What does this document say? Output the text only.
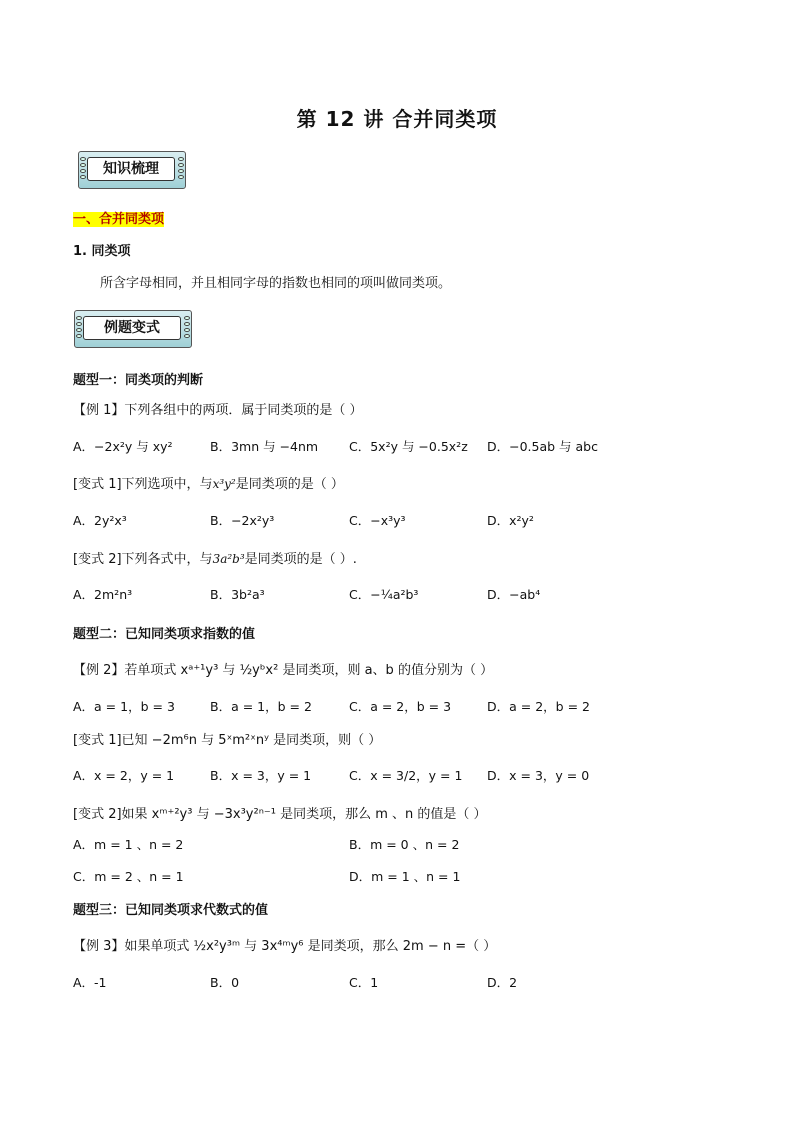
第 12 讲 合并同类项
知识梳理
一、合并同类项
1. 同类项
所含字母相同，并且相同字母的指数也相同的项叫做同类项。
例题变式
题型一：同类项的判断
【例 1】下列各组中的两项．属于同类项的是（ ）
A．−2x²y 与 xy²	B．3mn 与 −4nm C．5x²y 与 −0.5x²z D．−0.5ab 与 abc
[变式 1]下列选项中，与x³y²是同类项的是（ ）
A．2y²x³	B．−2x²y³	C．−x³y³	D．x²y²
[变式 2]下列各式中，与3a²b³是同类项的是（ ）.
A．2m²n³	B．3b²a³	C．−¼a²b³	D．−ab⁴
题型二：已知同类项求指数的值
【例 2】若单项式 xᵃ⁺¹y³ 与 ½yᵇx² 是同类项，则 a、b 的值分别为（ ）
A．a = 1，b = 3	B．a = 1，b = 2	C．a = 2，b = 3	D．a = 2，b = 2
[变式 1]已知 −2m⁶n 与 5ˣm²ˣnʸ 是同类项，则（ ）
A．x = 2，y = 1	B．x = 3，y = 1	C．x = 3/2，y = 1 D．x = 3，y = 0
[变式 2]如果 xᵐ⁺²y³ 与 −3x³y²ⁿ⁻¹ 是同类项，那么 m 、n 的值是（ ）
A．m = 1 、n = 2	B．m = 0 、n = 2
C．m = 2 、n = 1	D．m = 1 、n = 1
题型三：已知同类项求代数式的值
【例 3】如果单项式 ½x²y³ᵐ 与 3x⁴ᵐy⁶ 是同类项，那么 2m − n =（ ）
A．-1	B．0	C．1	D．2
